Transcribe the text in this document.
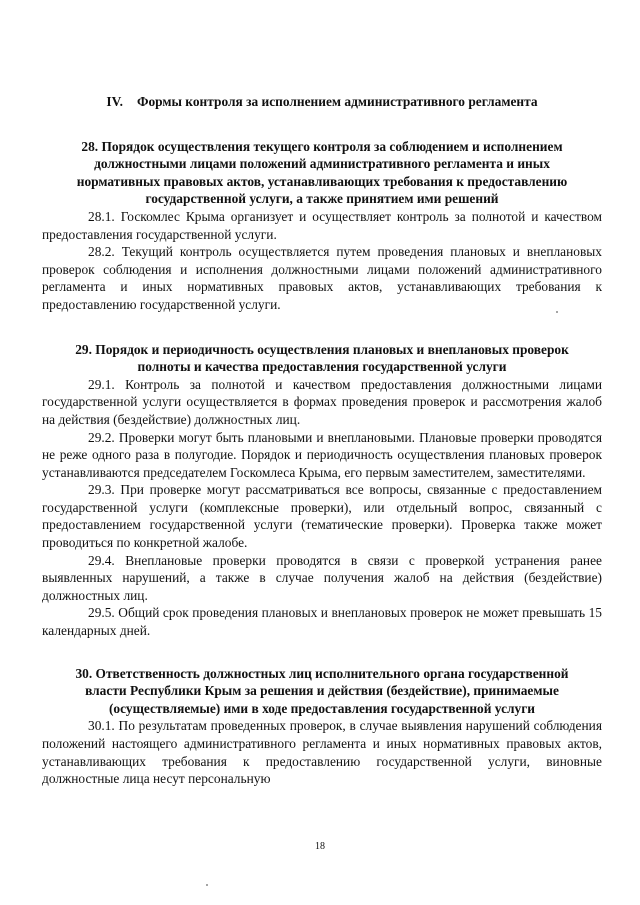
IV. Формы контроля за исполнением административного регламента
28. Порядок осуществления текущего контроля за соблюдением и исполнением должностными лицами положений административного регламента и иных нормативных правовых актов, устанавливающих требования к предоставлению государственной услуги, а также принятием ими решений
28.1. Госкомлес Крыма организует и осуществляет контроль за полнотой и качеством предоставления государственной услуги.
28.2. Текущий контроль осуществляется путем проведения плановых и внеплановых проверок соблюдения и исполнения должностными лицами положений административного регламента и иных нормативных правовых актов, устанавливающих требования к предоставлению государственной услуги.
29. Порядок и периодичность осуществления плановых и внеплановых проверок полноты и качества предоставления государственной услуги
29.1. Контроль за полнотой и качеством предоставления должностными лицами государственной услуги осуществляется в формах проведения проверок и рассмотрения жалоб на действия (бездействие) должностных лиц.
29.2. Проверки могут быть плановыми и внеплановыми. Плановые проверки проводятся не реже одного раза в полугодие. Порядок и периодичность осуществления плановых проверок устанавливаются председателем Госкомлеса Крыма, его первым заместителем, заместителями.
29.3. При проверке могут рассматриваться все вопросы, связанные с предоставлением государственной услуги (комплексные проверки), или отдельный вопрос, связанный с предоставлением государственной услуги (тематические проверки). Проверка также может проводиться по конкретной жалобе.
29.4. Внеплановые проверки проводятся в связи с проверкой устранения ранее выявленных нарушений, а также в случае получения жалоб на действия (бездействие) должностных лиц.
29.5. Общий срок проведения плановых и внеплановых проверок не может превышать 15 календарных дней.
30. Ответственность должностных лиц исполнительного органа государственной власти Республики Крым за решения и действия (бездействие), принимаемые (осуществляемые) ими в ходе предоставления государственной услуги
30.1. По результатам проведенных проверок, в случае выявления нарушений соблюдения положений настоящего административного регламента и иных нормативных правовых актов, устанавливающих требования к предоставлению государственной услуги, виновные должностные лица несут персональную
18
